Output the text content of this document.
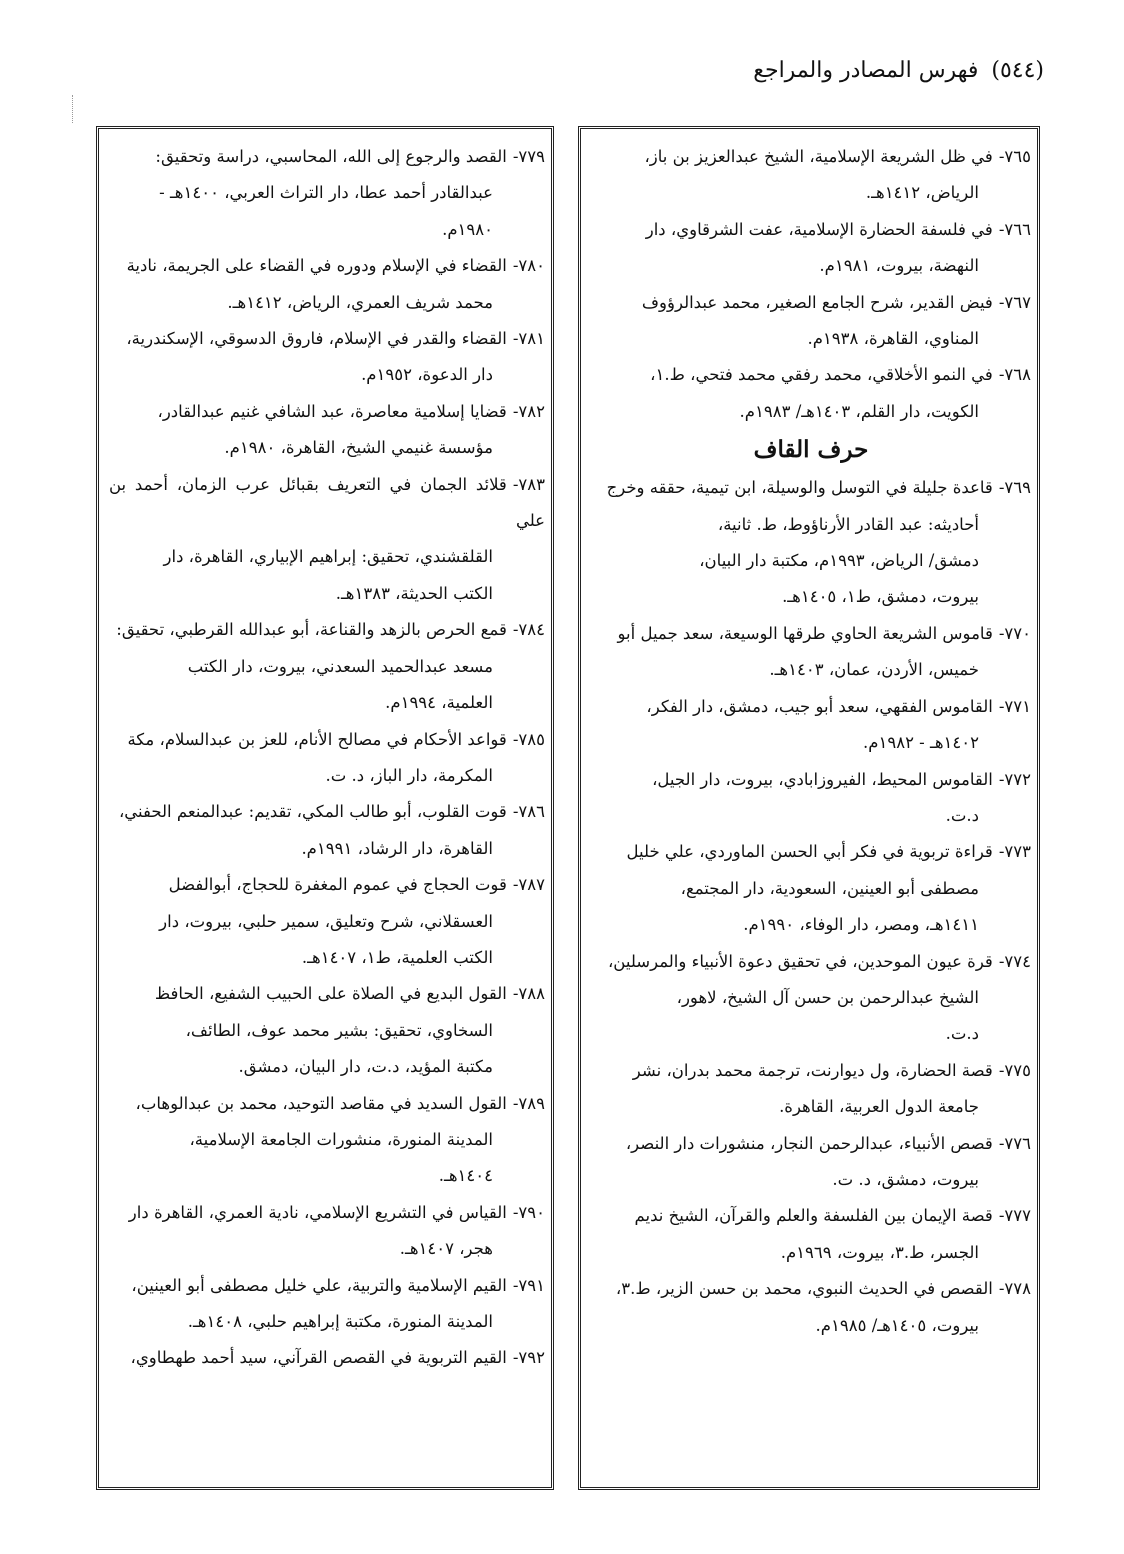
(٥٤٤) فهرس المصادر والمراجع
٧٦٥-في ظل الشريعة الإسلامية، الشيخ عبدالعزيز بن باز،
الرياض، ١٤١٢هـ.
٧٦٦-في فلسفة الحضارة الإسلامية، عفت الشرقاوي، دار
النهضة، بيروت، ١٩٨١م.
٧٦٧-فيض القدير، شرح الجامع الصغير، محمد عبدالرؤوف
المناوي، القاهرة، ١٩٣٨م.
٧٦٨-في النمو الأخلاقي، محمد رفقي محمد فتحي، ط.١،
الكويت، دار القلم، ١٤٠٣هـ/ ١٩٨٣م.
حرف القاف
٧٦٩-قاعدة جليلة في التوسل والوسيلة، ابن تيمية، حققه وخرج
أحاديثه: عبد القادر الأرناؤوط، ط. ثانية،
دمشق/ الرياض، ١٩٩٣م، مكتبة دار البيان،
بيروت، دمشق، ط١، ١٤٠٥هـ.
٧٧٠-قاموس الشريعة الحاوي طرقها الوسيعة، سعد جميل أبو
خميس، الأردن، عمان، ١٤٠٣هـ.
٧٧١-القاموس الفقهي، سعد أبو جيب، دمشق، دار الفكر،
١٤٠٢هـ - ١٩٨٢م.
٧٧٢-القاموس المحيط، الفيروزابادي، بيروت، دار الجيل،
د.ت.
٧٧٣-قراءة تربوية في فكر أبي الحسن الماوردي، علي خليل
مصطفى أبو العينين، السعودية، دار المجتمع،
١٤١١هـ، ومصر، دار الوفاء، ١٩٩٠م.
٧٧٤-قرة عيون الموحدين، في تحقيق دعوة الأنبياء والمرسلين،
الشيخ عبدالرحمن بن حسن آل الشيخ، لاهور،
د.ت.
٧٧٥-قصة الحضارة، ول ديوارنت، ترجمة محمد بدران، نشر
جامعة الدول العربية، القاهرة.
٧٧٦-قصص الأنبياء، عبدالرحمن النجار، منشورات دار النصر،
بيروت، دمشق، د. ت.
٧٧٧-قصة الإيمان بين الفلسفة والعلم والقرآن، الشيخ نديم
الجسر، ط.٣، بيروت، ١٩٦٩م.
٧٧٨-القصص في الحديث النبوي، محمد بن حسن الزير، ط.٣،
بيروت، ١٤٠٥هـ/ ١٩٨٥م.
٧٧٩-القصد والرجوع إلى الله، المحاسبي، دراسة وتحقيق:
عبدالقادر أحمد عطا، دار التراث العربي، ١٤٠٠هـ -
١٩٨٠م.
٧٨٠-القضاء في الإسلام ودوره في القضاء على الجريمة، نادية
محمد شريف العمري، الرياض، ١٤١٢هـ.
٧٨١-القضاء والقدر في الإسلام، فاروق الدسوقي، الإسكندرية،
دار الدعوة، ١٩٥٢م.
٧٨٢-قضايا إسلامية معاصرة، عبد الشافي غنيم عبدالقادر،
مؤسسة غنيمي الشيخ، القاهرة، ١٩٨٠م.
٧٨٣-قلائد الجمان في التعريف بقبائل عرب الزمان، أحمد بن علي
القلقشندي، تحقيق: إبراهيم الإبياري، القاهرة، دار
الكتب الحديثة، ١٣٨٣هـ.
٧٨٤-قمع الحرص بالزهد والقناعة، أبو عبدالله القرطبي، تحقيق:
مسعد عبدالحميد السعدني، بيروت، دار الكتب
العلمية، ١٩٩٤م.
٧٨٥-قواعد الأحكام في مصالح الأنام، للعز بن عبدالسلام، مكة
المكرمة، دار الباز، د. ت.
٧٨٦-قوت القلوب، أبو طالب المكي، تقديم: عبدالمنعم الحفني،
القاهرة، دار الرشاد، ١٩٩١م.
٧٨٧-قوت الحجاج في عموم المغفرة للحجاج، أبوالفضل
العسقلاني، شرح وتعليق، سمير حلبي، بيروت، دار
الكتب العلمية، ط١، ١٤٠٧هـ.
٧٨٨-القول البديع في الصلاة على الحبيب الشفيع، الحافظ
السخاوي، تحقيق: بشير محمد عوف، الطائف،
مكتبة المؤيد، د.ت، دار البيان، دمشق.
٧٨٩-القول السديد في مقاصد التوحيد، محمد بن عبدالوهاب،
المدينة المنورة، منشورات الجامعة الإسلامية،
١٤٠٤هـ.
٧٩٠-القياس في التشريع الإسلامي، نادية العمري، القاهرة دار
هجر، ١٤٠٧هـ.
٧٩١-القيم الإسلامية والتربية، علي خليل مصطفى أبو العينين،
المدينة المنورة، مكتبة إبراهيم حلبي، ١٤٠٨هـ.
٧٩٢-القيم التربوية في القصص القرآني، سيد أحمد طهطاوي،
